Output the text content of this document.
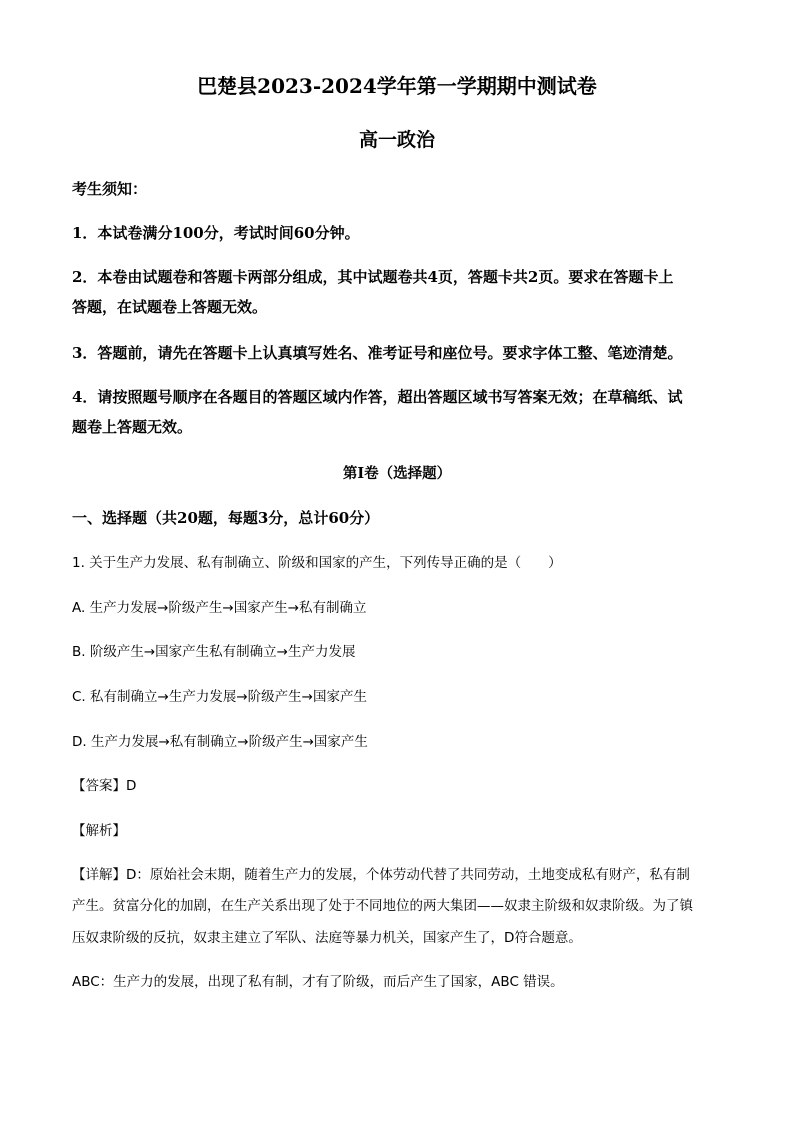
巴楚县2023-2024学年第一学期期中测试卷
高一政治
考生须知：
1．本试卷满分100分，考试时间60分钟。
2．本卷由试题卷和答题卡两部分组成，其中试题卷共4页，答题卡共2页。要求在答题卡上
答题，在试题卷上答题无效。
3．答题前，请先在答题卡上认真填写姓名、准考证号和座位号。要求字体工整、笔迹清楚。
4．请按照题号顺序在各题目的答题区域内作答，超出答题区域书写答案无效；在草稿纸、试
题卷上答题无效。
第Ⅰ卷（选择题）
一、选择题（共20题，每题3分，总计60分）
1. 关于生产力发展、私有制确立、阶级和国家的产生，下列传导正确的是（　　）
A. 生产力发展→阶级产生→国家产生→私有制确立
B. 阶级产生→国家产生私有制确立→生产力发展
C. 私有制确立→生产力发展→阶级产生→国家产生
D. 生产力发展→私有制确立→阶级产生→国家产生
【答案】D
【解析】
【详解】D：原始社会末期，随着生产力的发展，个体劳动代替了共同劳动，土地变成私有财产，私有制
产生。贫富分化的加剧，在生产关系出现了处于不同地位的两大集团——奴隶主阶级和奴隶阶级。为了镇
压奴隶阶级的反抗，奴隶主建立了军队、法庭等暴力机关，国家产生了，D符合题意。
ABC：生产力的发展，出现了私有制，才有了阶级，而后产生了国家，ABC 错误。
